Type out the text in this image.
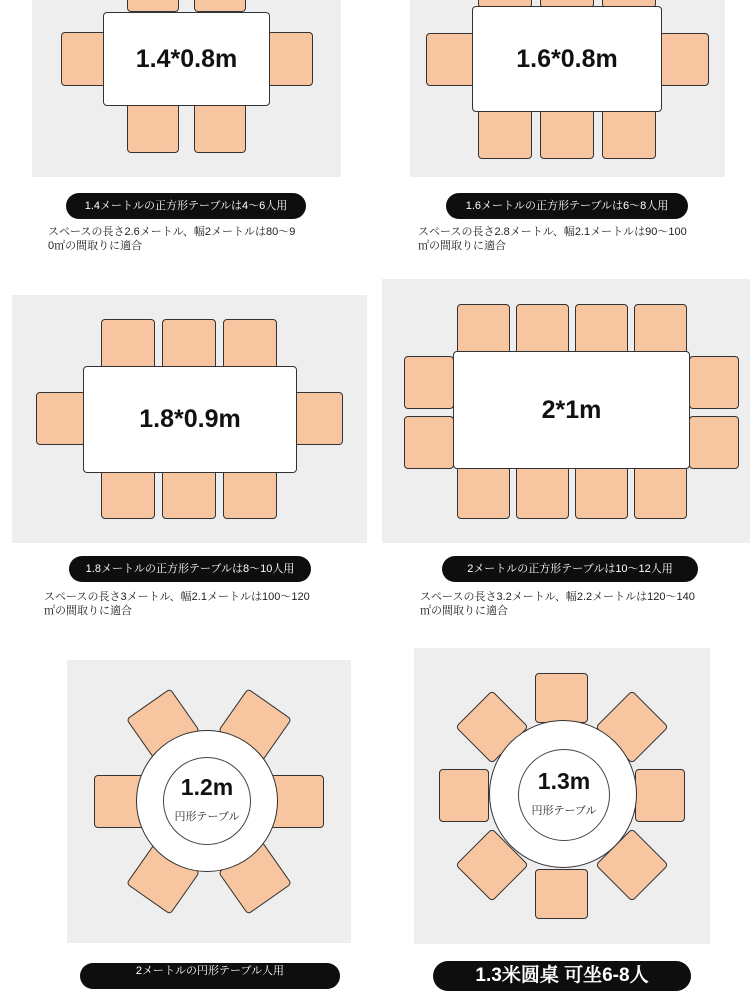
1.4*0.8m
1.4メートルの正方形テーブルは4〜6人用
スペースの長さ2.6メートル、幅2メートルは80〜9
0㎡の間取りに適合
1.6*0.8m
1.6メートルの正方形テーブルは6〜8人用
スペースの長さ2.8メートル、幅2.1メートルは90〜100
㎡の間取りに適合
1.8*0.9m
1.8メートルの正方形テーブルは8〜10人用
スペースの長さ3メートル、幅2.1メートルは100〜120
㎡の間取りに適合
2*1m
2メートルの正方形テーブルは10〜12人用
スペースの長さ3.2メートル、幅2.2メートルは120〜140
㎡の間取りに適合
1.2m
円形テーブル
2メートルの円形テーブル人用
1.3m
円形テーブル
1.3米圆桌 可坐6-8人
